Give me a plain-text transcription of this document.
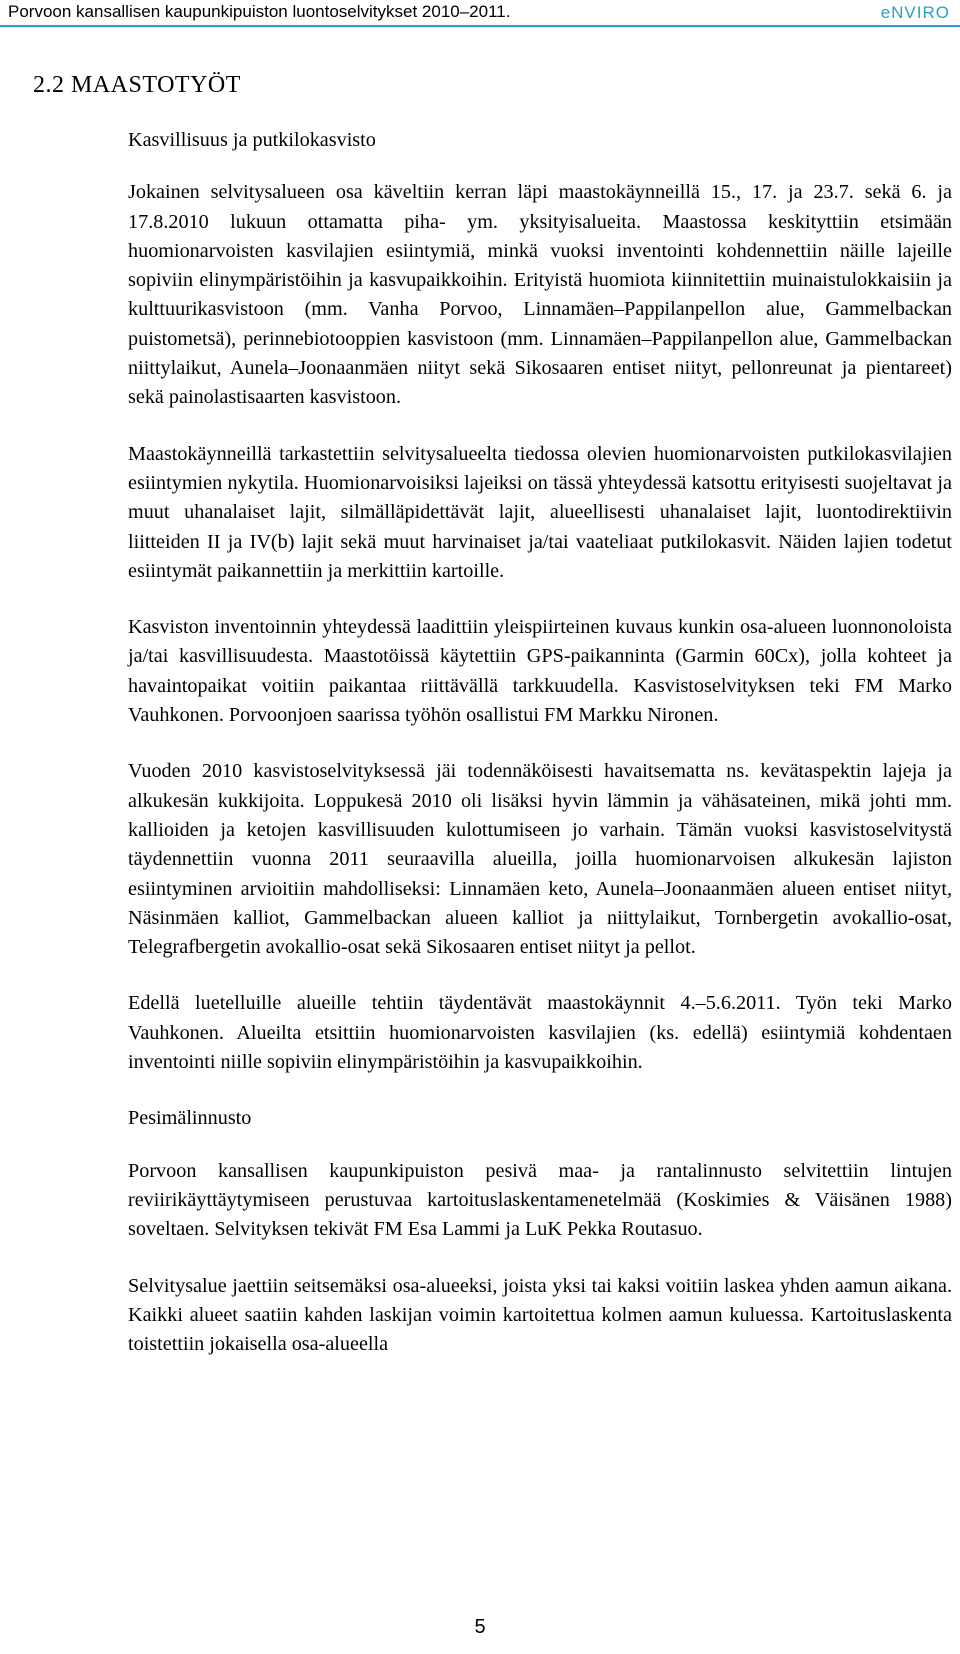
Porvoon kansallisen kaupunkipuiston luontoselvitykset 2010–2011.	eNVIRO
2.2 MAASTOTYÖT
Kasvillisuus ja putkilokasvisto

Jokainen selvitysalueen osa käveltiin kerran läpi maastokäynneillä 15., 17. ja 23.7. sekä 6. ja 17.8.2010 lukuun ottamatta piha- ym. yksityisalueita. Maastossa keskityttiin etsimään huomionarvoisten kasvilajien esiintymiä, minkä vuoksi inventointi kohdennettiin näille lajeille sopiviin elinympäristöihin ja kasvupaikkoihin. Erityistä huomiota kiinnitettiin muinaistulokkaisiin ja kulttuurikasvistoon (mm. Vanha Porvoo, Linnamäen–Pappilanpellon alue, Gammelbackan puistometsä), perinnebiotooppien kasvistoon (mm. Linnamäen–Pappilanpellon alue, Gammelbackan niittylaikut, Aunela–Joonaanmäen niityt sekä Sikosaaren entiset niityt, pellonreunat ja pientareet) sekä painolastisaarten kasvistoon.

Maastokäynneillä tarkastettiin selvitysalueelta tiedossa olevien huomionarvoisten putkilokasvilajien esiintymien nykytila. Huomionarvoisiksi lajeiksi on tässä yhteydessä katsottu erityisesti suojeltavat ja muut uhanalaiset lajit, silmälläpidettävät lajit, alueellisesti uhanalaiset lajit, luontodirektiivin liitteiden II ja IV(b) lajit sekä muut harvinaiset ja/tai vaateliaat putkilokasvit. Näiden lajien todetut esiintymät paikannettiin ja merkittiin kartoille.

Kasviston inventoinnin yhteydessä laadittiin yleispiirteinen kuvaus kunkin osa-alueen luonnonoloista ja/tai kasvillisuudesta. Maastotöissä käytettiin GPS-paikanninta (Garmin 60Cx), jolla kohteet ja havaintopaikat voitiin paikantaa riittävällä tarkkuudella. Kasvistoselvityksen teki FM Marko Vauhkonen. Porvoonjoen saarissa työhön osallistui FM Markku Nironen.

Vuoden 2010 kasvistoselvityksessä jäi todennäköisesti havaitsematta ns. kevätaspektin lajeja ja alkukesän kukkijoita. Loppukesä 2010 oli lisäksi hyvin lämmin ja vähäsateinen, mikä johti mm. kallioiden ja ketojen kasvillisuuden kulottumiseen jo varhain. Tämän vuoksi kasvistoselvitystä täydennettiin vuonna 2011 seuraavilla alueilla, joilla huomionarvoisen alkukesän lajiston esiintyminen arvioitiin mahdolliseksi: Linnamäen keto, Aunela–Joonaanmäen alueen entiset niityt, Näsinmäen kalliot, Gammelbackan alueen kalliot ja niittylaikut, Tornbergetin avokallio-osat, Telegrafbergetin avokallio-osat sekä Sikosaaren entiset niityt ja pellot.

Edellä luetelluille alueille tehtiin täydentävät maastokäynnit 4.–5.6.2011. Työn teki Marko Vauhkonen. Alueilta etsittiin huomionarvoisten kasvilajien (ks. edellä) esiintymiä kohdentaen inventointi niille sopiviin elinympäristöihin ja kasvupaikkoihin.

Pesimälinnusto

Porvoon kansallisen kaupunkipuiston pesivä maa- ja rantalinnusto selvitettiin lintujen reviirikäyttäytymiseen perustuvaa kartoituslaskentamenetelmää (Koskimies & Väisänen 1988) soveltaen. Selvityksen tekivät FM Esa Lammi ja LuK Pekka Routasuo.

Selvitysalue jaettiin seitsemäksi osa-alueeksi, joista yksi tai kaksi voitiin laskea yhden aamun aikana. Kaikki alueet saatiin kahden laskijan voimin kartoitettua kolmen aamun kuluessa. Kartoituslaskenta toistettiin jokaisella osa-alueella

5
